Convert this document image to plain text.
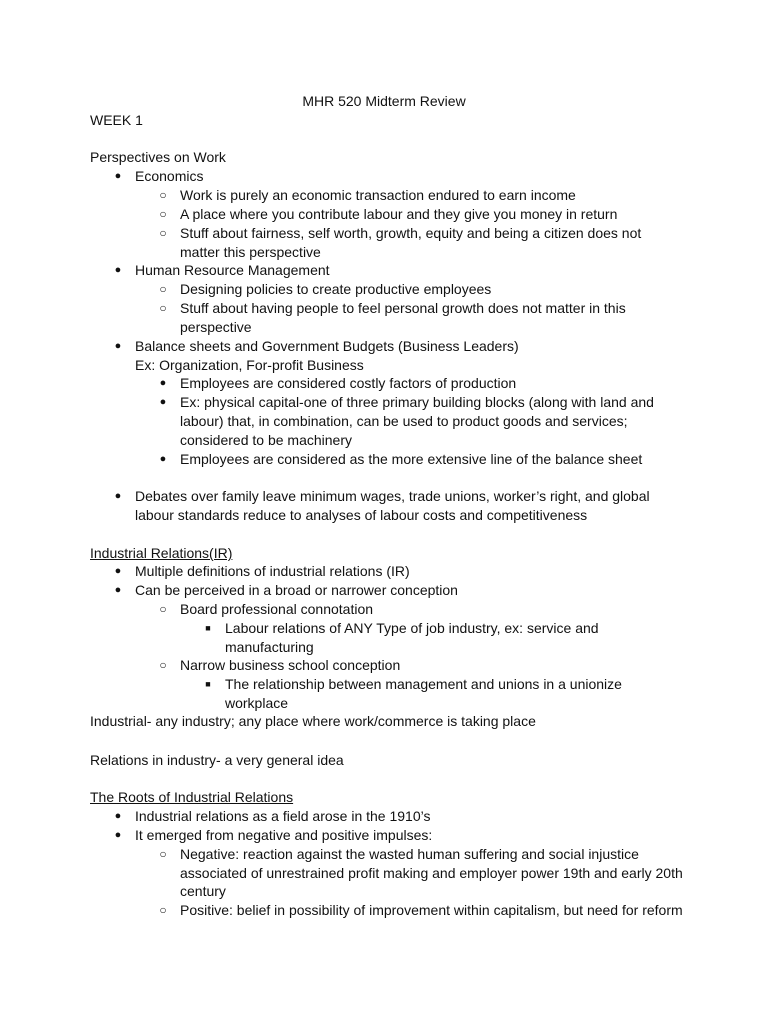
MHR 520 Midterm Review
WEEK 1
Perspectives on Work
● Economics
○ Work is purely an economic transaction endured to earn income
○ A place where you contribute labour and they give you money in return
○ Stuff about fairness, self worth, growth, equity and being a citizen does not
matter this perspective
● Human Resource Management
○ Designing policies to create productive employees
○ Stuff about having people to feel personal growth does not matter in this
perspective
● Balance sheets and Government Budgets (Business Leaders)
Ex: Organization, For-profit Business
● Employees are considered costly factors of production
● Ex: physical capital-one of three primary building blocks (along with land and
labour) that, in combination, can be used to product goods and services;
considered to be machinery
● Employees are considered as the more extensive line of the balance sheet
● Debates over family leave minimum wages, trade unions, worker’s right, and global
labour standards reduce to analyses of labour costs and competitiveness
Industrial Relations(IR)
● Multiple definitions of industrial relations (IR)
● Can be perceived in a broad or narrower conception
○ Board professional connotation
■ Labour relations of ANY Type of job industry, ex: service and
manufacturing
○ Narrow business school conception
■ The relationship between management and unions in a unionize
workplace
Industrial- any industry; any place where work/commerce is taking place
Relations in industry- a very general idea
The Roots of Industrial Relations
● Industrial relations as a field arose in the 1910’s
● It emerged from negative and positive impulses:
○ Negative: reaction against the wasted human suffering and social injustice
associated of unrestrained profit making and employer power 19th and early 20th
century
○ Positive: belief in possibility of improvement within capitalism, but need for reform
